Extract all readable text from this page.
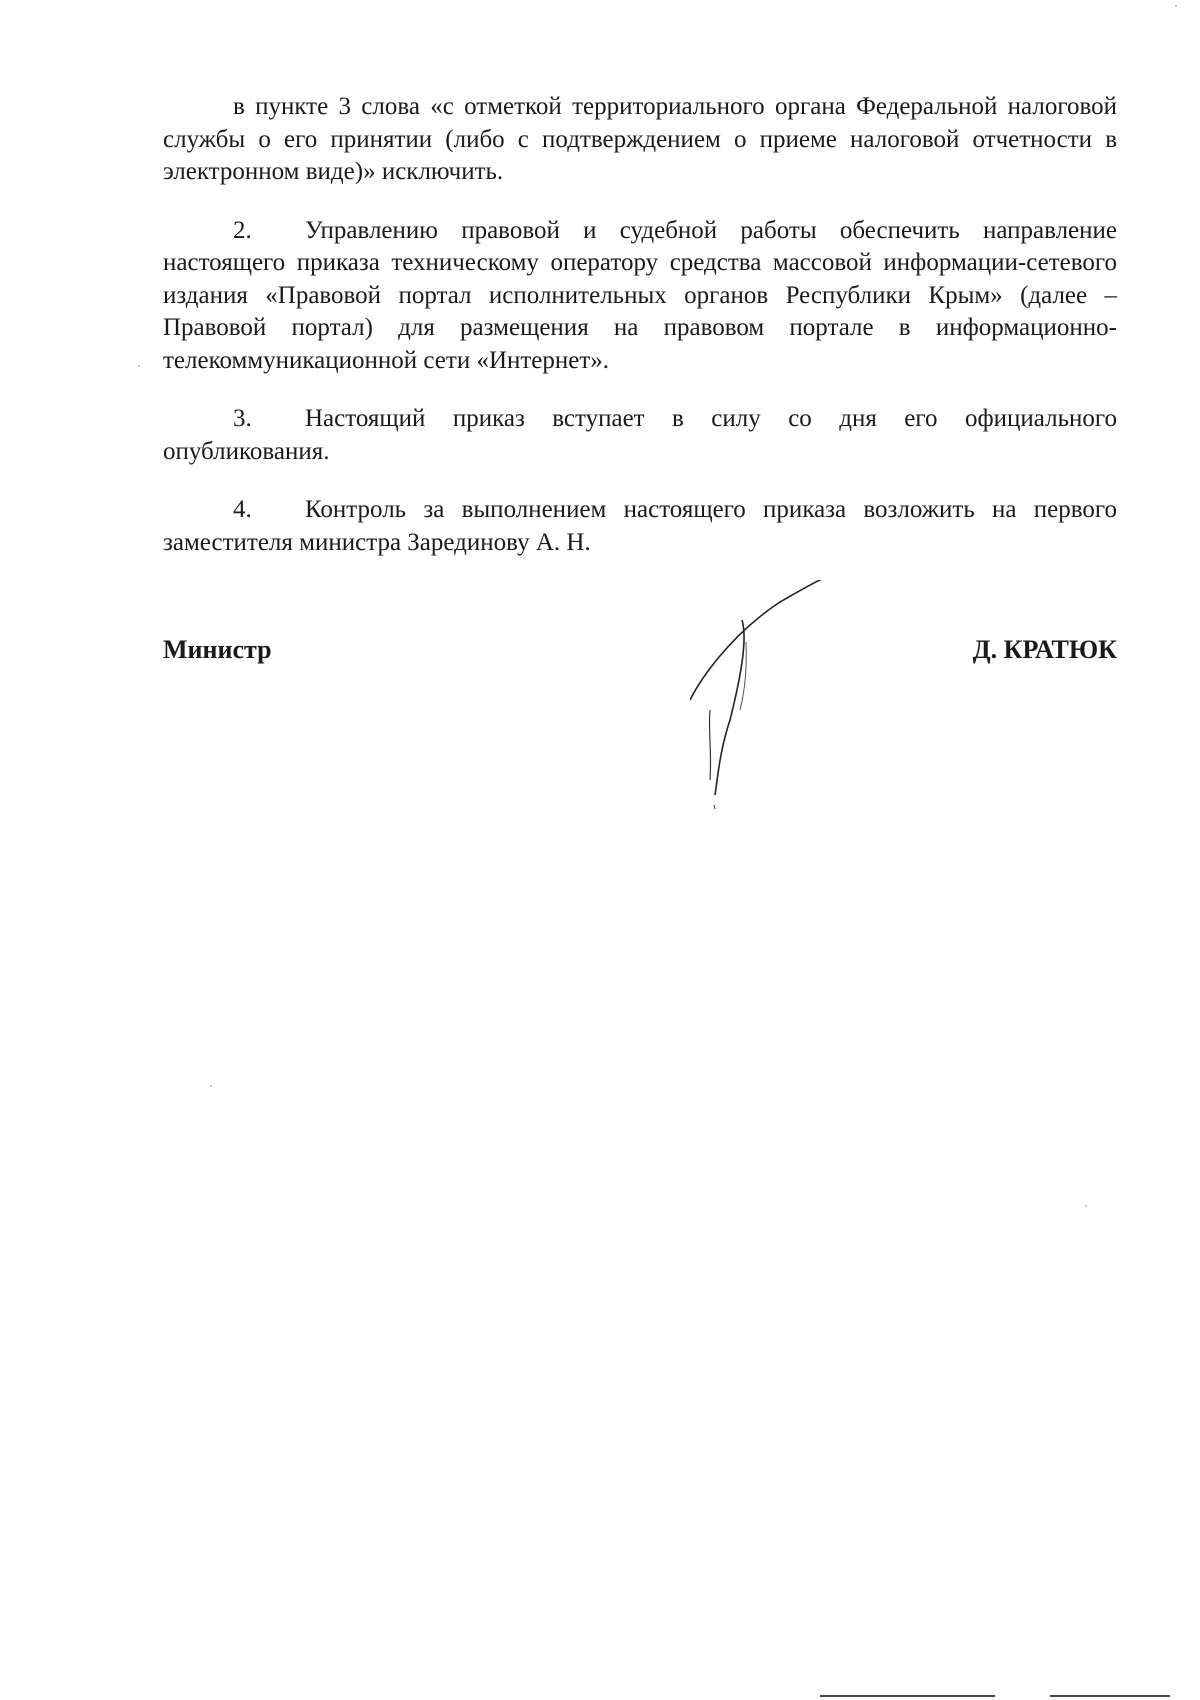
в пункте 3 слова «с отметкой территориального органа Федеральной налоговой службы о его принятии (либо с подтверждением о приеме налоговой отчетности в электронном виде)» исключить.

2. Управлению правовой и судебной работы обеспечить направление настоящего приказа техническому оператору средства массовой информации-сетевого издания «Правовой портал исполнительных органов Республики Крым» (далее – Правовой портал) для размещения на правовом портале в информационно-телекоммуникационной сети «Интернет».

3. Настоящий приказ вступает в силу со дня его официального опубликования.

4. Контроль за выполнением настоящего приказа возложить на первого заместителя министра Зарединову А. Н.

Министр	Д. КРАТЮК
